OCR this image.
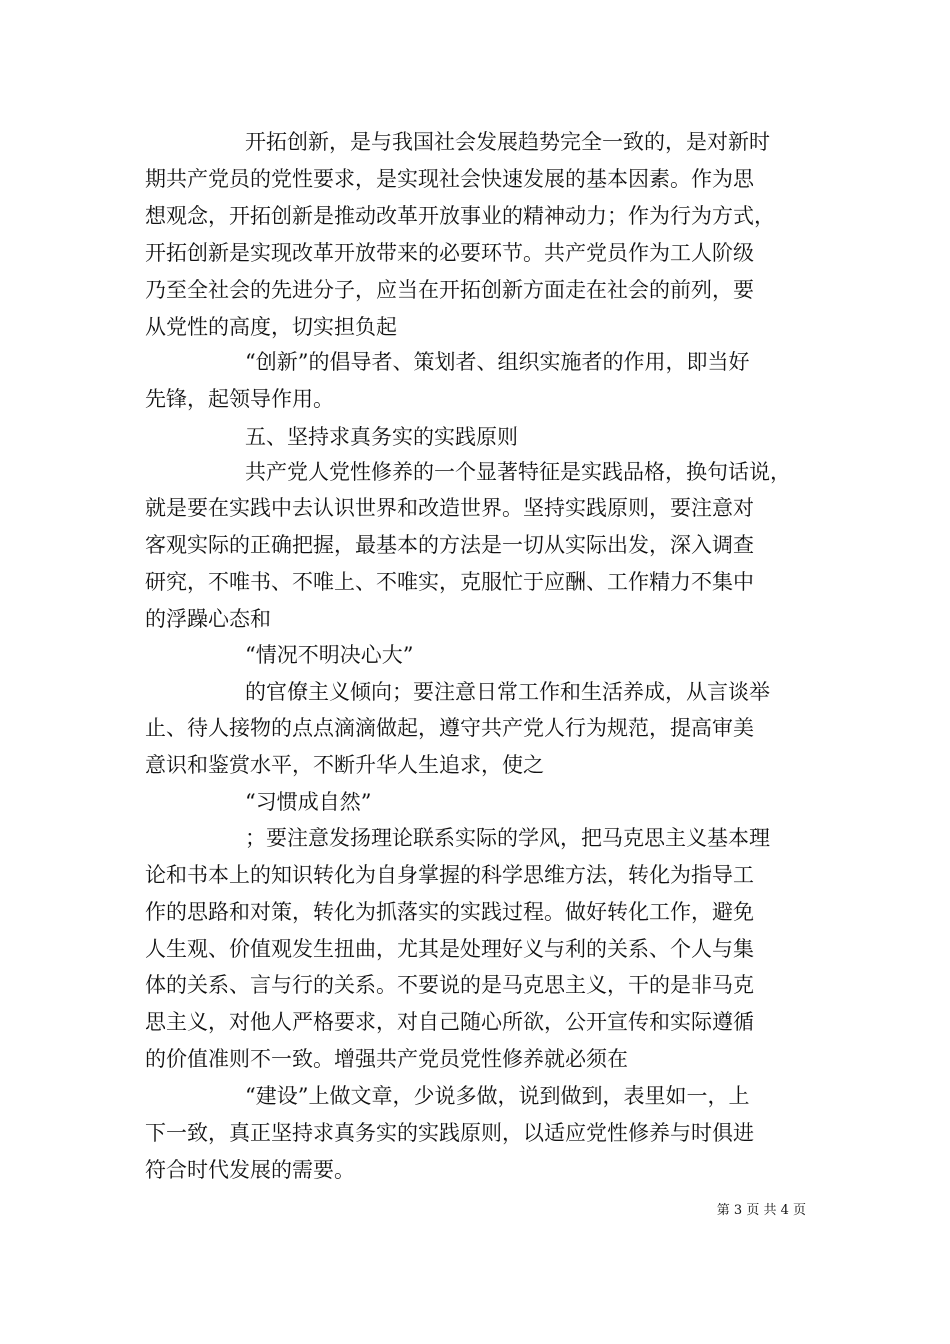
开拓创新，是与我国社会发展趋势完全一致的，是对新时
期共产党员的党性要求，是实现社会快速发展的基本因素。作为思
想观念，开拓创新是推动改革开放事业的精神动力；作为行为方式，
开拓创新是实现改革开放带来的必要环节。共产党员作为工人阶级
乃至全社会的先进分子，应当在开拓创新方面走在社会的前列，要
从党性的高度，切实担负起
“创新”的倡导者、策划者、组织实施者的作用，即当好
先锋，起领导作用。
五、坚持求真务实的实践原则
共产党人党性修养的一个显著特征是实践品格，换句话说，
就是要在实践中去认识世界和改造世界。坚持实践原则，要注意对
客观实际的正确把握，最基本的方法是一切从实际出发，深入调查
研究，不唯书、不唯上、不唯实，克服忙于应酬、工作精力不集中
的浮躁心态和
“情况不明决心大”
的官僚主义倾向；要注意日常工作和生活养成，从言谈举
止、待人接物的点点滴滴做起，遵守共产党人行为规范，提高审美
意识和鉴赏水平，不断升华人生追求，使之
“习惯成自然”
；要注意发扬理论联系实际的学风，把马克思主义基本理
论和书本上的知识转化为自身掌握的科学思维方法，转化为指导工
作的思路和对策，转化为抓落实的实践过程。做好转化工作，避免
人生观、价值观发生扭曲，尤其是处理好义与利的关系、个人与集
体的关系、言与行的关系。不要说的是马克思主义，干的是非马克
思主义，对他人严格要求，对自己随心所欲，公开宣传和实际遵循
的价值准则不一致。增强共产党员党性修养就必须在
“建设”上做文章，少说多做，说到做到，表里如一，上
下一致，真正坚持求真务实的实践原则，以适应党性修养与时俱进
符合时代发展的需要。
第 3 页 共 4 页
